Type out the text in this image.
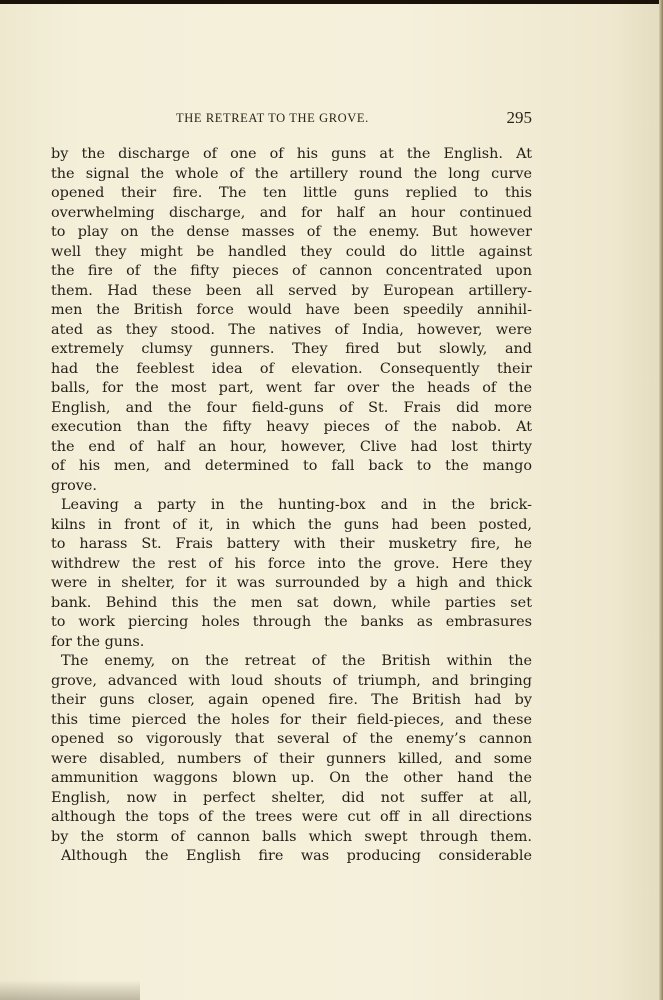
THE RETREAT TO THE GROVE.	295
by the discharge of one of his guns at the English. At
the signal the whole of the artillery round the long curve
opened their fire. The ten little guns replied to this
overwhelming discharge, and for half an hour continued
to play on the dense masses of the enemy. But however
well they might be handled they could do little against
the fire of the fifty pieces of cannon concentrated upon
them. Had these been all served by European artillery-
men the British force would have been speedily annihil-
ated as they stood. The natives of India, however, were
extremely clumsy gunners. They fired but slowly, and
had the feeblest idea of elevation. Consequently their
balls, for the most part, went far over the heads of the
English, and the four field-guns of St. Frais did more
execution than the fifty heavy pieces of the nabob. At
the end of half an hour, however, Clive had lost thirty
of his men, and determined to fall back to the mango
grove.
Leaving a party in the hunting-box and in the brick-
kilns in front of it, in which the guns had been posted,
to harass St. Frais battery with their musketry fire, he
withdrew the rest of his force into the grove. Here they
were in shelter, for it was surrounded by a high and thick
bank. Behind this the men sat down, while parties set
to work piercing holes through the banks as embrasures
for the guns.
The enemy, on the retreat of the British within the
grove, advanced with loud shouts of triumph, and bringing
their guns closer, again opened fire. The British had by
this time pierced the holes for their field-pieces, and these
opened so vigorously that several of the enemy’s cannon
were disabled, numbers of their gunners killed, and some
ammunition waggons blown up. On the other hand the
English, now in perfect shelter, did not suffer at all,
although the tops of the trees were cut off in all directions
by the storm of cannon balls which swept through them.
Although the English fire was producing considerable
